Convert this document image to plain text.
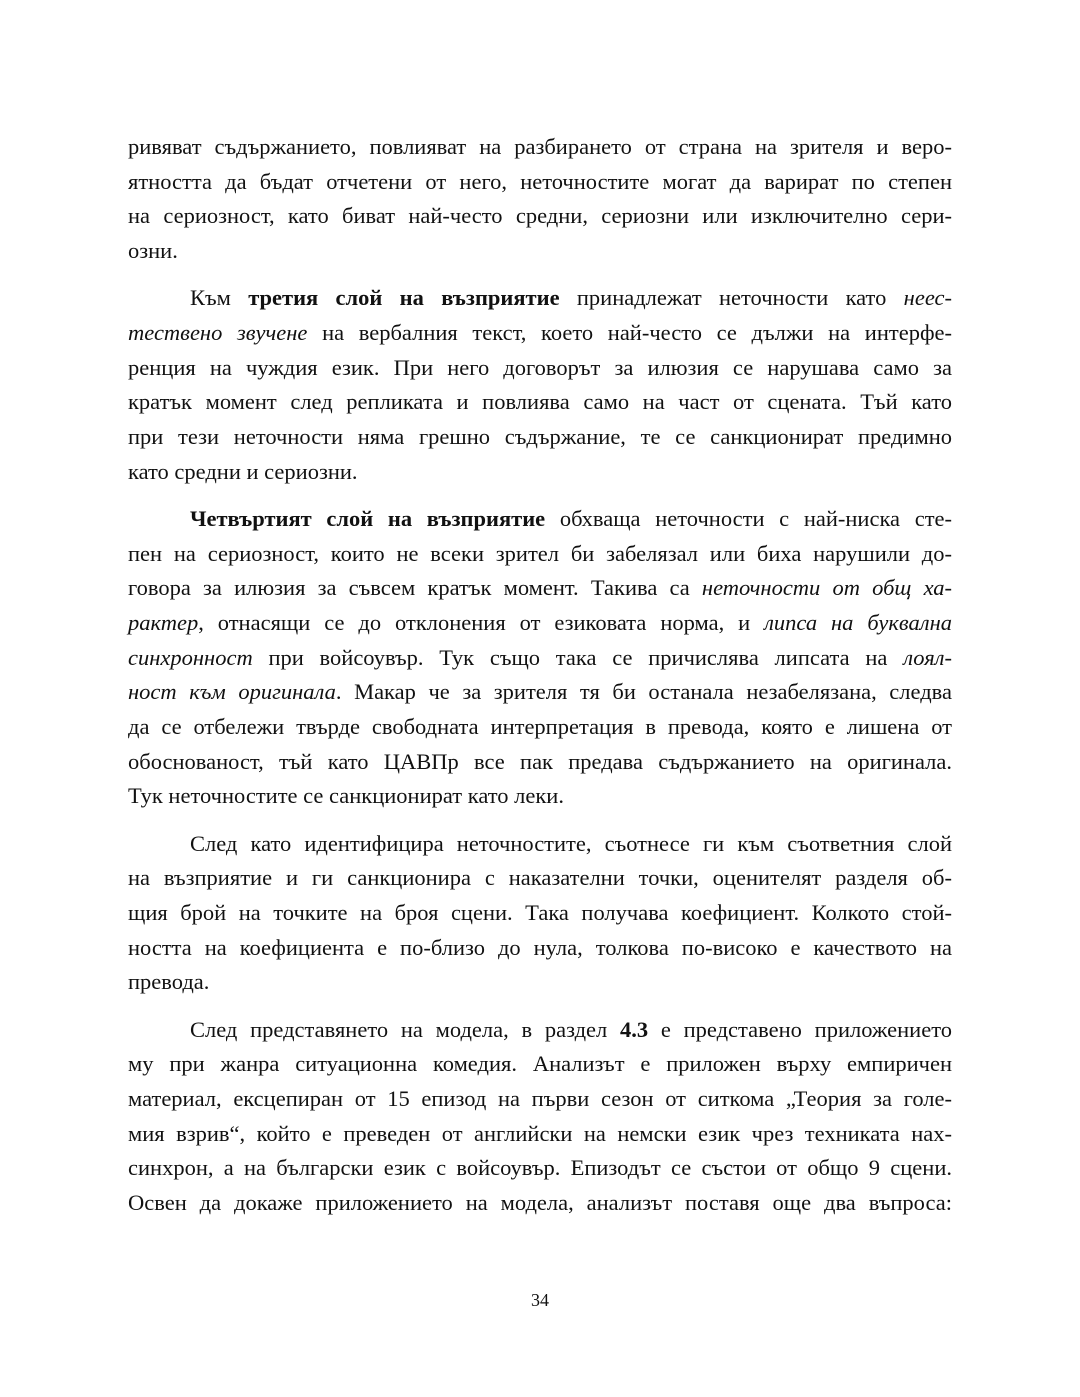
ривяват съдържанието, повлияват на разбирането от страна на зрителя и веро-
ятността да бъдат отчетени от него, неточностите могат да варират по степен
на сериозност, като биват най-често средни, сериозни или изключително сери-
озни.
Към третия слой на възприятие принадлежат неточности като неес-
тествено звучене на вербалния текст, което най-често се дължи на интерфе-
ренция на чуждия език. При него договорът за илюзия се нарушава само за
кратък момент след репликата и повлиява само на част от сцената. Тъй като
при тези неточности няма грешно съдържание, те се санкционират предимно
като средни и сериозни.
Четвъртият слой на възприятие обхваща неточности с най-ниска сте-
пен на сериозност, които не всеки зрител би забелязал или биха нарушили до-
говора за илюзия за съвсем кратък момент. Такива са неточности от общ ха-
рактер, отнасящи се до отклонения от езиковата норма, и липса на буквална
синхронност при войсоувър. Тук също така се причислява липсата на лоял-
ност към оригинала. Макар че за зрителя тя би останала незабелязана, следва
да се отбележи твърде свободната интерпретация в превода, която е лишена от
обоснованост, тъй като ЦАВПр все пак предава съдържанието на оригинала.
Тук неточностите се санкционират като леки.
След като идентифицира неточностите, съотнесе ги към съответния слой
на възприятие и ги санкционира с наказателни точки, оценителят разделя об-
щия брой на точките на броя сцени. Така получава коефициент. Колкото стой-
ността на коефициента е по-близо до нула, толкова по-високо е качеството на
превода.
След представянето на модела, в раздел 4.3 е представено приложението
му при жанра ситуационна комедия. Анализът е приложен върху емпиричен
материал, ексцепиран от 15 епизод на първи сезон от ситкома „Теория за голе-
мия взрив“, който е преведен от английски на немски език чрез техниката нах-
синхрон, а на български език с войсоувър. Епизодът се състои от общо 9 сцени.
Освен да докаже приложението на модела, анализът поставя още два въпроса:
34
